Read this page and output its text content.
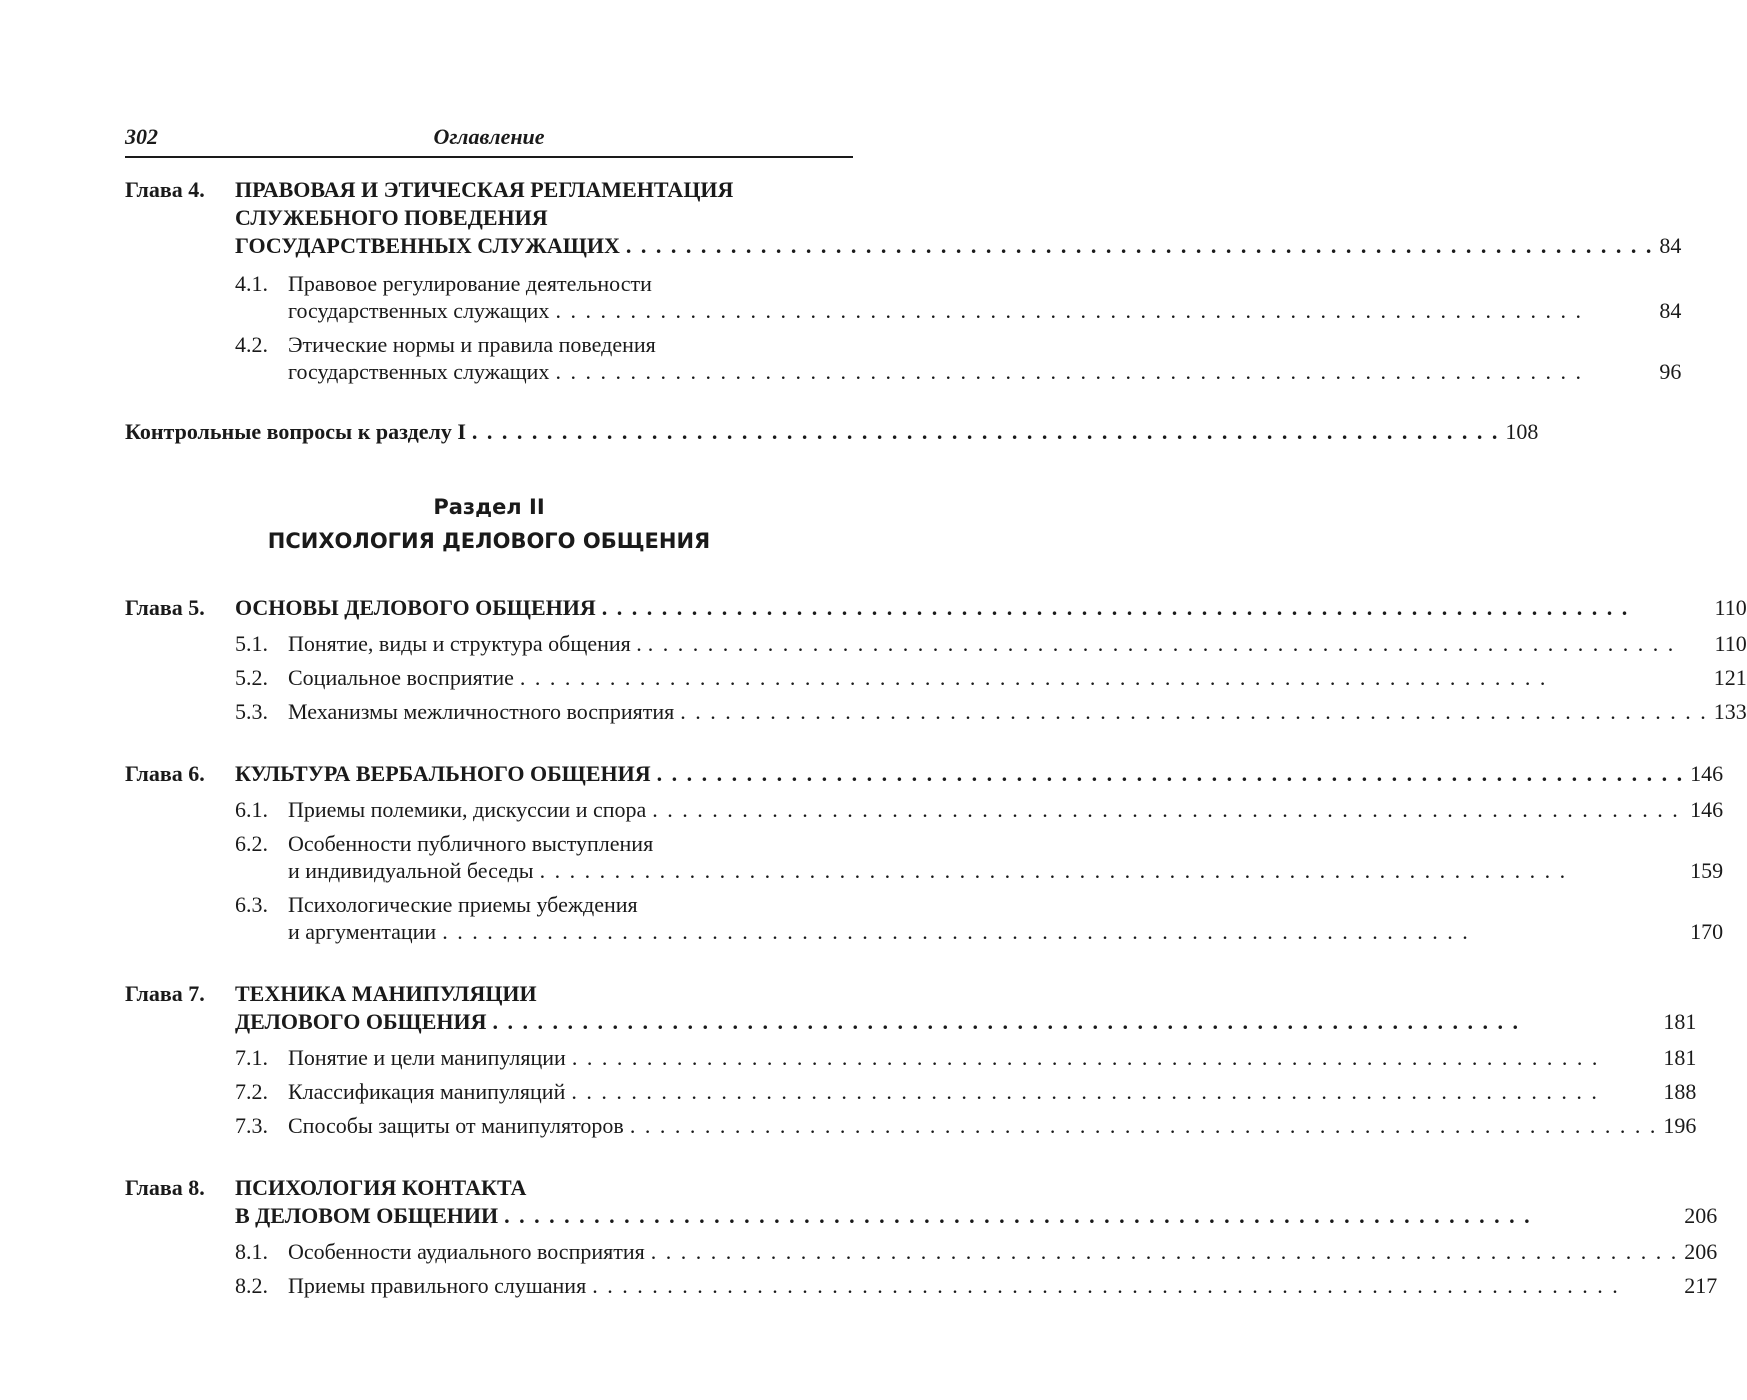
302	Оглавление
Глава 4.	ПРАВОВАЯ И ЭТИЧЕСКАЯ РЕГЛАМЕНТАЦИЯ
СЛУЖЕБНОГО ПОВЕДЕНИЯ
ГОСУДАРСТВЕННЫХ СЛУЖАЩИХ . . .	84
4.1. Правовое регулирование деятельности
государственных служащих . . .	84
4.2. Этические нормы и правила поведения
государственных служащих . . .	96
Контрольные вопросы к разделу I . . .	108
Раздел II
ПСИХОЛОГИЯ ДЕЛОВОГО ОБЩЕНИЯ
Глава 5.	ОСНОВЫ ДЕЛОВОГО ОБЩЕНИЯ . . .	110
5.1. Понятие, виды и структура общения . . . .	110
5.2. Социальное восприятие . . .	121
5.3. Механизмы межличностного восприятия . . .	133
Глава 6.	КУЛЬТУРА ВЕРБАЛЬНОГО ОБЩЕНИЯ . . .	146
6.1. Приемы полемики, дискуссии и спора . . .	146
6.2. Особенности публичного выступления
и индивидуальной беседы . . .	159
6.3. Психологические приемы убеждения
и аргументации . . .	170
Глава 7.	ТЕХНИКА МАНИПУЛЯЦИИ
ДЕЛОВОГО ОБЩЕНИЯ . . .	181
7.1. Понятие и цели манипуляции . . .	181
7.2. Классификация манипуляций . . .	188
7.3. Способы защиты от манипуляторов . . .	196
Глава 8.	ПСИХОЛОГИЯ КОНТАКТА
В ДЕЛОВОМ ОБЩЕНИИ . . .	206
8.1. Особенности аудиального восприятия . . .	206
8.2. Приемы правильного слушания . . .	217
